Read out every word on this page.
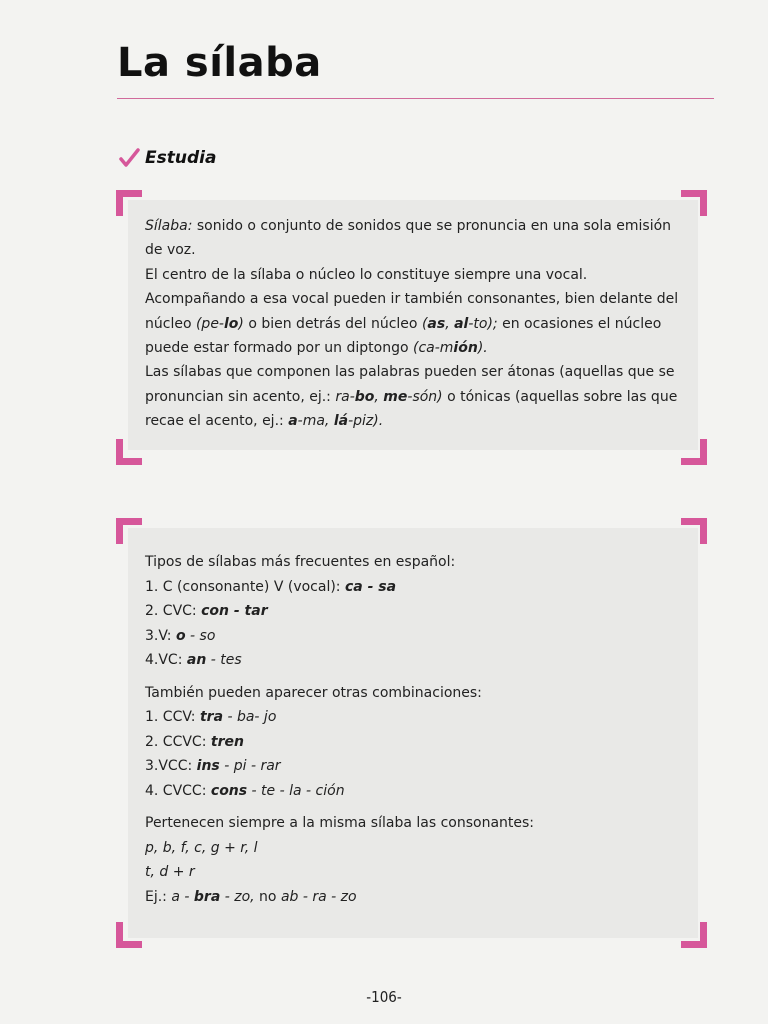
La sílaba
Estudia

Sílaba: sonido o conjunto de sonidos que se pronuncia en una sola emisión de voz.

El centro de la sílaba o núcleo lo constituye siempre una vocal.

Acompañando a esa vocal pueden ir también consonantes, bien delante del núcleo (pe-lo) o bien detrás del núcleo (as, al-to); en ocasiones el núcleo puede estar formado por un diptongo (ca-mión).

Las sílabas que componen las palabras pueden ser átonas (aquellas que se pronuncian sin acento, ej.: ra-bo, me-són) o tónicas (aquellas sobre las que recae el acento, ej.: a-ma, lá-piz).

Tipos de sílabas más frecuentes en español:

1. C (consonante) V (vocal): ca - sa

2. CVC: con - tar

3.V: o - so

4.VC: an - tes

También pueden aparecer otras combinaciones:

1. CCV: tra - ba- jo

2. CCVC: tren

3.VCC: ins - pi - rar

4. CVCC: cons - te - la - ción

Pertenecen siempre a la misma sílaba las consonantes:

p, b, f, c, g + r, l

t, d + r

Ej.: a - bra - zo, no ab - ra - zo

-106-
